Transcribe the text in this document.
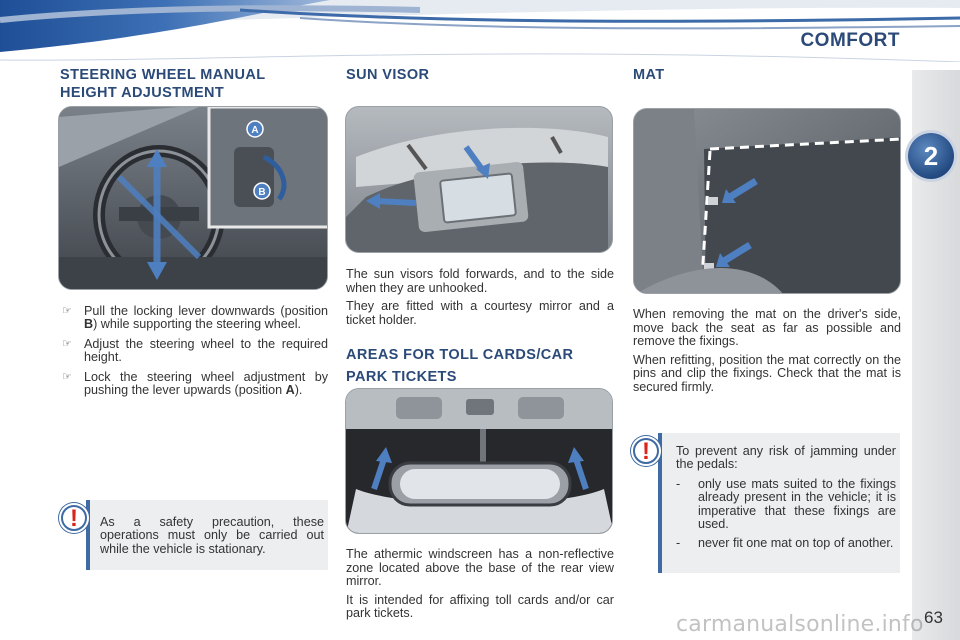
COMFORT
2
STEERING WHEEL MANUAL
HEIGHT ADJUSTMENT
A
B
☞ Pull the locking lever downwards (position B) while supporting the steering wheel.
☞ Adjust the steering wheel to the required height.
☞ Lock the steering wheel adjustment by pushing the lever upwards (position A).
As a safety precaution, these operations must only be carried out while the vehicle is stationary.
!
SUN VISOR

The sun visors fold forwards, and to the side when they are unhooked.

They are fitted with a courtesy mirror and a ticket holder.

AREAS FOR TOLL CARDS/CAR
PARK TICKETS

The athermic windscreen has a non-reflective zone located above the base of the rear view mirror.

It is intended for affixing toll cards and/or car park tickets.

MAT

When removing the mat on the driver's side, move back the seat as far as possible and remove the fixings.

When refitting, position the mat correctly on the pins and clip the fixings. Check that the mat is secured firmly.

To prevent any risk of jamming under the pedals:
-	only use mats suited to the fixings already present in the vehicle; it is imperative that these fixings are used.
-	never fit one mat on top of another.
!
carmanualsonline.info 63
